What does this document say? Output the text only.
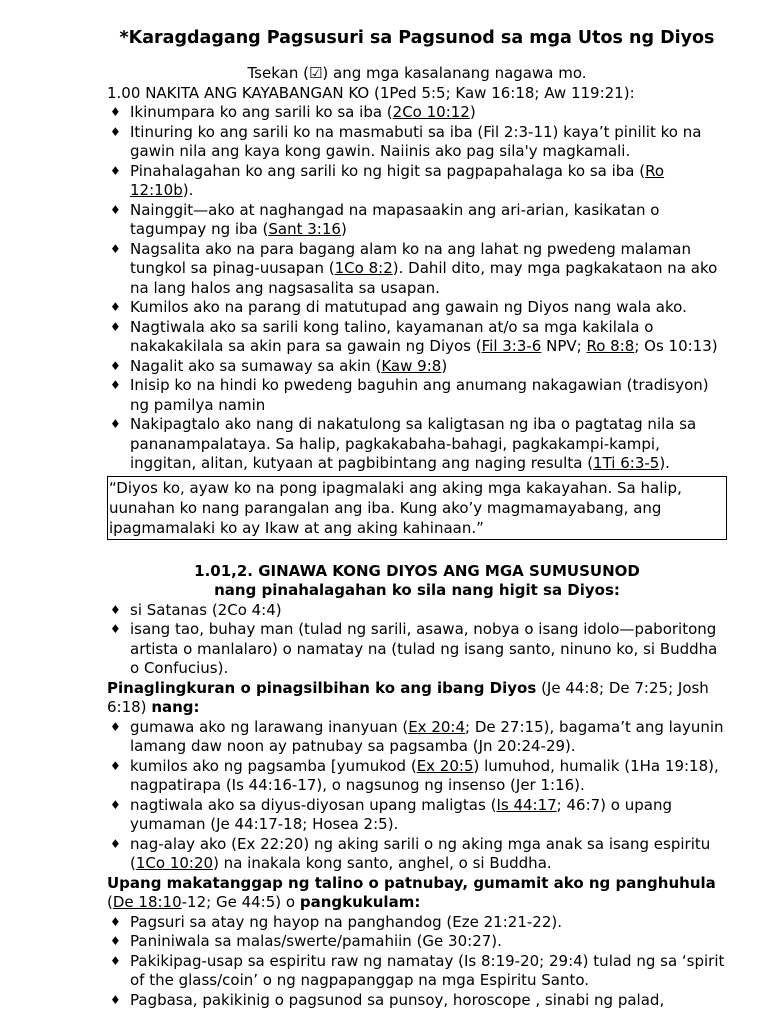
*Karagdagang Pagsusuri sa Pagsunod sa mga Utos ng Diyos

Tsekan (☑) ang mga kasalanang nagawa mo.

1.00 NAKITA ANG KAYABANGAN KO (1Ped 5:5; Kaw 16:18; Aw 119:21):

♦ Ikinumpara ko ang sarili ko sa iba (2Co 10:12)
♦ Itinuring ko ang sarili ko na masmabuti sa iba (Fil 2:3-11) kaya’t pinilit ko na gawin nila ang kaya kong gawin. Naiinis ako pag sila'y magkamali.
♦ Pinahalagahan ko ang sarili ko ng higit sa pagpapahalaga ko sa iba (Ro 12:10b).
♦ Nainggit—ako at naghangad na mapasaakin ang ari-arian, kasikatan o tagumpay ng iba (Sant 3:16)
♦ Nagsalita ako na para bagang alam ko na ang lahat ng pwedeng malaman tungkol sa pinag-uusapan (1Co 8:2). Dahil dito, may mga pagkakataon na ako na lang halos ang nagsasalita sa usapan.
♦ Kumilos ako na parang di matutupad ang gawain ng Diyos nang wala ako.
♦ Nagtiwala ako sa sarili kong talino, kayamanan at/o sa mga kakilala o nakakakilala sa akin para sa gawain ng Diyos (Fil 3:3-6 NPV; Ro 8:8; Os 10:13)
♦ Nagalit ako sa sumaway sa akin (Kaw 9:8)
♦ Inisip ko na hindi ko pwedeng baguhin ang anumang nakagawian (tradisyon) ng pamilya namin
♦ Nakipagtalo ako nang di nakatulong sa kaligtasan ng iba o pagtatag nila sa pananampalataya. Sa halip, pagkakabaha-bahagi, pagkakampi-kampi, inggitan, alitan, kutyaan at pagbibintang ang naging resulta (1Ti 6:3-5).
“Diyos ko, ayaw ko na pong ipagmalaki ang aking mga kakayahan. Sa halip, uunahan ko nang parangalan ang iba. Kung ako’y magmamayabang, ang ipagmamalaki ko ay Ikaw at ang aking kahinaan.”
1.01,2. GINAWA KONG DIYOS ANG MGA SUMUSUNOD
nang pinahalagahan ko sila nang higit sa Diyos:
♦ si Satanas (2Co 4:4)
♦ isang tao, buhay man (tulad ng sarili, asawa, nobya o isang idolo—paboritong artista o manlalaro) o namatay na (tulad ng isang santo, ninuno ko, si Buddha o Confucius).

Pinaglingkuran o pinagsilbihan ko ang ibang Diyos (Je 44:8; De 7:25; Josh 6:18) nang:

♦ gumawa ako ng larawang inanyuan (Ex 20:4; De 27:15), bagama’t ang layunin lamang daw noon ay patnubay sa pagsamba (Jn 20:24-29).
♦ kumilos ako ng pagsamba [yumukod (Ex 20:5) lumuhod, humalik (1Ha 19:18), nagpatirapa (Is 44:16-17), o nagsunog ng insenso (Jer 1:16).
♦ nagtiwala ako sa diyus-diyosan upang maligtas (Is 44:17; 46:7) o upang yumaman (Je 44:17-18; Hosea 2:5).
♦ nag-alay ako (Ex 22:20) ng aking sarili o ng aking mga anak sa isang espiritu (1Co 10:20) na inakala kong santo, anghel, o si Buddha.

Upang makatanggap ng talino o patnubay, gumamit ako ng panghuhula (De 18:10-12; Ge 44:5) o pangkukulam:

♦ Pagsuri sa atay ng hayop na panghandog (Eze 21:21-22).
♦ Paniniwala sa malas/swerte/pamahiin (Ge 30:27).
♦ Pakikipag-usap sa espiritu raw ng namatay (Is 8:19-20; 29:4) tulad ng sa ‘spirit of the glass/coin’ o ng nagpapanggap na mga Espiritu Santo.
♦ Pagbasa, pakikinig o pagsunod sa punsoy, horoscope , sinabi ng palad,
